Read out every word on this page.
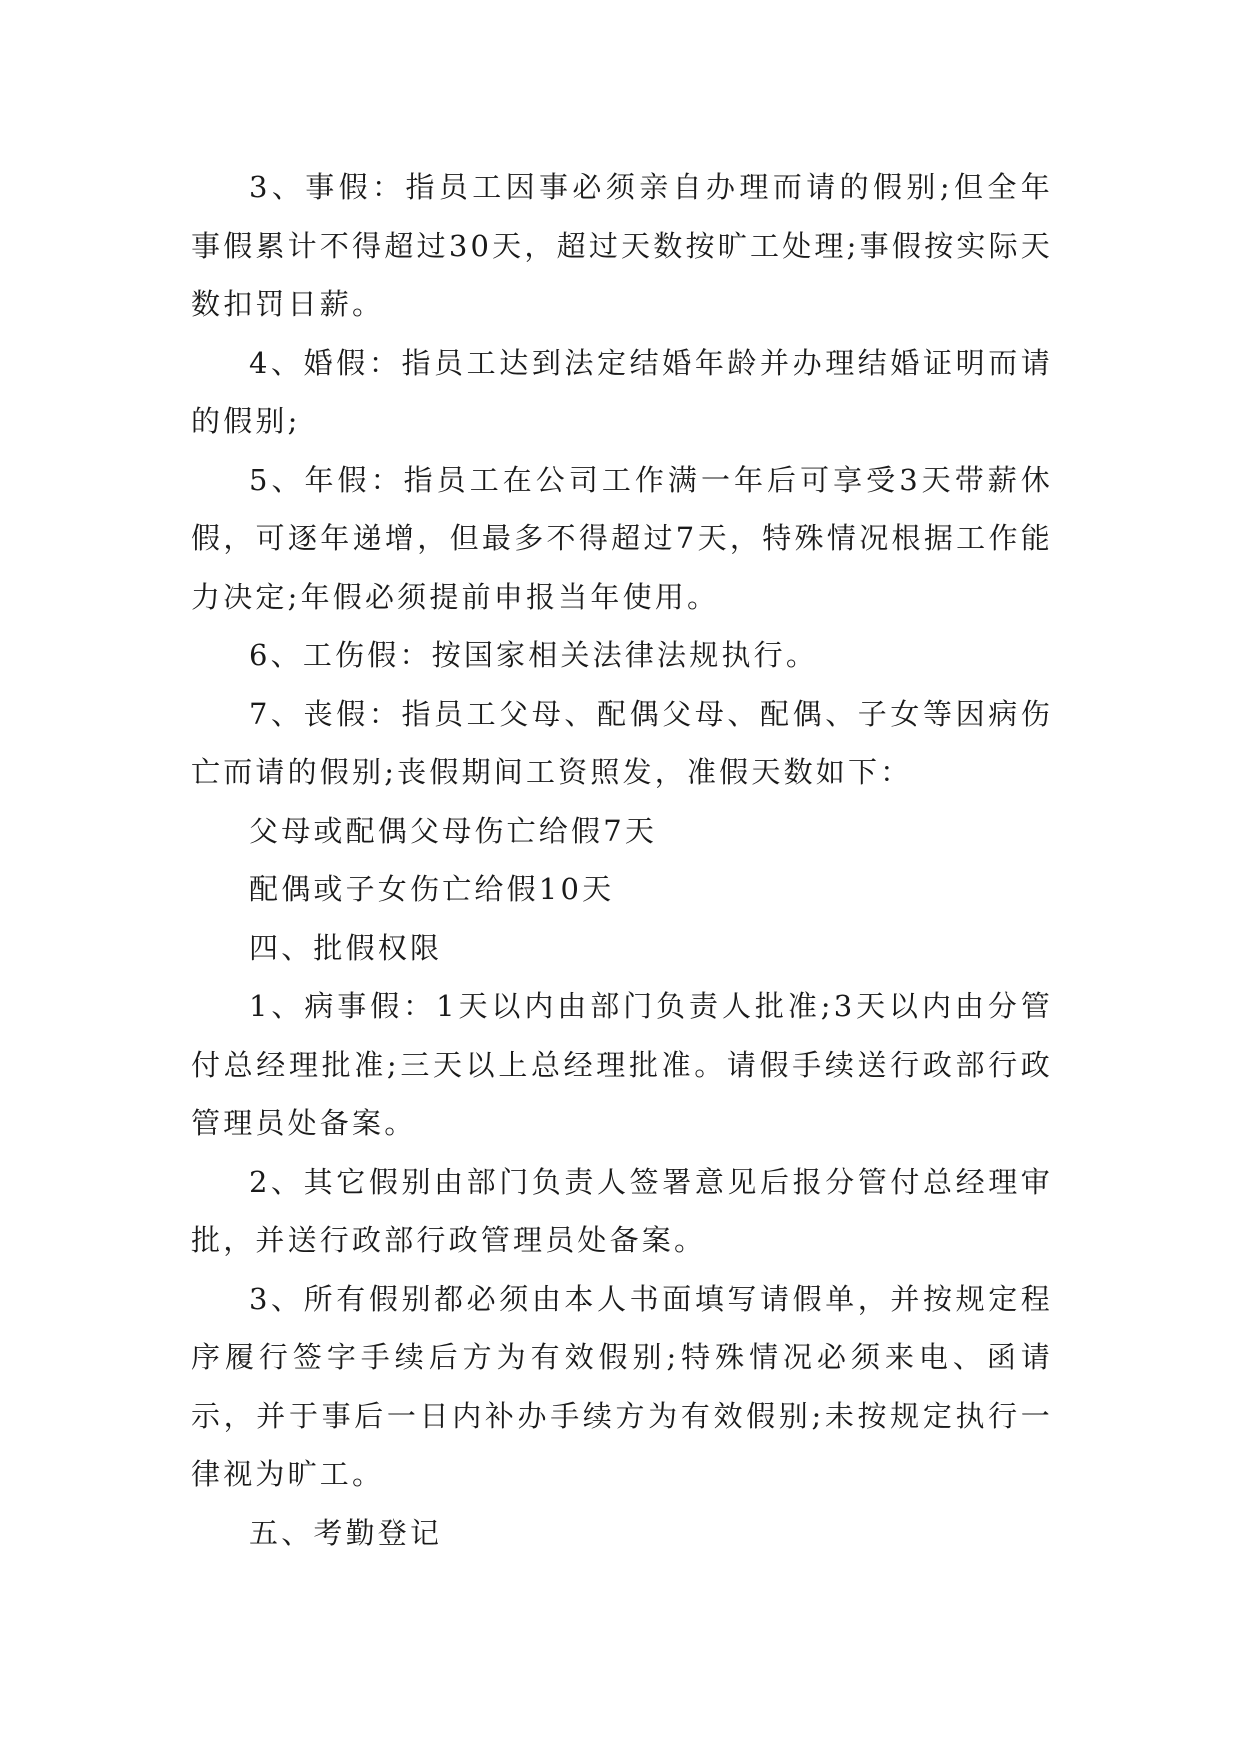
3、事假：指员工因事必须亲自办理而请的假别;但全年事假累计不得超过30天，超过天数按旷工处理;事假按实际天数扣罚日薪。

4、婚假：指员工达到法定结婚年龄并办理结婚证明而请的假别;

5、年假：指员工在公司工作满一年后可享受3天带薪休假，可逐年递增，但最多不得超过7天，特殊情况根据工作能力决定;年假必须提前申报当年使用。

6、工伤假：按国家相关法律法规执行。

7、丧假：指员工父母、配偶父母、配偶、子女等因病伤亡而请的假别;丧假期间工资照发，准假天数如下：

父母或配偶父母伤亡给假7天

配偶或子女伤亡给假10天

四、批假权限

1、病事假：1天以内由部门负责人批准;3天以内由分管付总经理批准;三天以上总经理批准。请假手续送行政部行政管理员处备案。

2、其它假别由部门负责人签署意见后报分管付总经理审批，并送行政部行政管理员处备案。

3、所有假别都必须由本人书面填写请假单，并按规定程序履行签字手续后方为有效假别;特殊情况必须来电、函请示，并于事后一日内补办手续方为有效假别;未按规定执行一律视为旷工。

五、考勤登记
